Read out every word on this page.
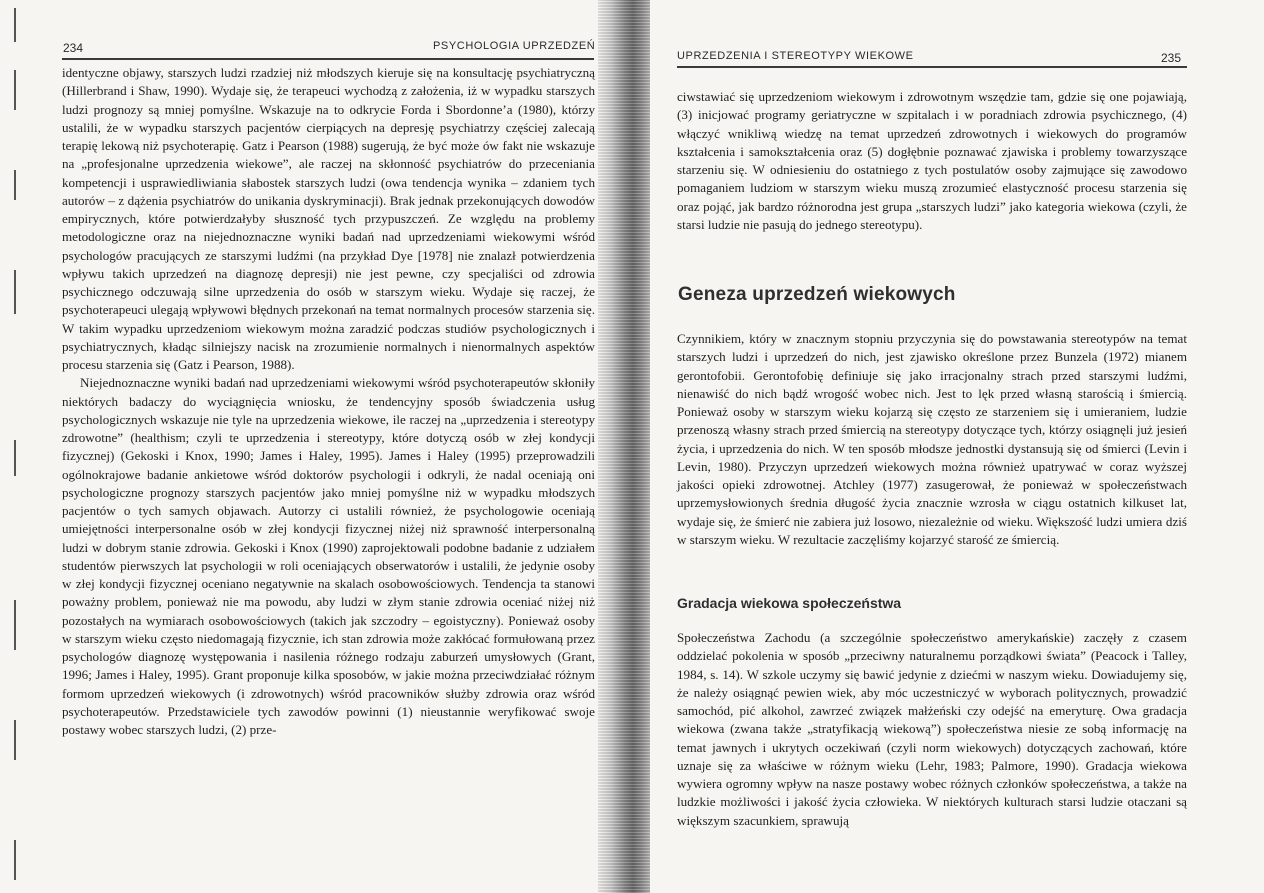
234	PSYCHOLOGIA UPRZEDZEŃ

identyczne objawy, starszych ludzi rzadziej niż młodszych kieruje się na konsultację psychiatryczną (Hillerbrand i Shaw, 1990). Wydaje się, że terapeuci wychodzą z założenia, iż w wypadku starszych ludzi prognozy są mniej pomyślne. Wskazuje na to odkrycie Forda i Sbordonne’a (1980), którzy ustalili, że w wypadku starszych pacjentów cierpiących na depresję psychiatrzy częściej zalecają terapię lekową niż psychoterapię. Gatz i Pearson (1988) sugerują, że być może ów fakt nie wskazuje na „profesjonalne uprzedzenia wiekowe”, ale raczej na skłonność psychiatrów do przeceniania kompetencji i usprawiedliwiania słabostek starszych ludzi (owa tendencja wynika – zdaniem tych autorów – z dążenia psychiatrów do unikania dyskryminacji). Brak jednak przekonujących dowodów empirycznych, które potwierdzałyby słuszność tych przypuszczeń. Ze względu na problemy metodologiczne oraz na niejednoznaczne wyniki badań nad uprzedzeniami wiekowymi wśród psychologów pracujących ze starszymi ludźmi (na przykład Dye [1978] nie znalazł potwierdzenia wpływu takich uprzedzeń na diagnozę depresji) nie jest pewne, czy specjaliści od zdrowia psychicznego odczuwają silne uprzedzenia do osób w starszym wieku. Wydaje się raczej, że psychoterapeuci ulegają wpływowi błędnych przekonań na temat normalnych procesów starzenia się. W takim wypadku uprzedzeniom wiekowym można zaradzić podczas studiów psychologicznych i psychiatrycznych, kładąc silniejszy nacisk na zrozumienie normalnych i nienormalnych aspektów procesu starzenia się (Gatz i Pearson, 1988).

Niejednoznaczne wyniki badań nad uprzedzeniami wiekowymi wśród psychoterapeutów skłoniły niektórych badaczy do wyciągnięcia wniosku, że tendencyjny sposób świadczenia usług psychologicznych wskazuje nie tyle na uprzedzenia wiekowe, ile raczej na „uprzedzenia i stereotypy zdrowotne” (healthism; czyli te uprzedzenia i stereotypy, które dotyczą osób w złej kondycji fizycznej) (Gekoski i Knox, 1990; James i Haley, 1995). James i Haley (1995) przeprowadzili ogólnokrajowe badanie ankietowe wśród doktorów psychologii i odkryli, że nadal oceniają oni psychologiczne prognozy starszych pacjentów jako mniej pomyślne niż w wypadku młodszych pacjentów o tych samych objawach. Autorzy ci ustalili również, że psychologowie oceniają umiejętności interpersonalne osób w złej kondycji fizycznej niżej niż sprawność interpersonalną ludzi w dobrym stanie zdrowia. Gekoski i Knox (1990) zaprojektowali podobne badanie z udziałem studentów pierwszych lat psychologii w roli oceniających obserwatorów i ustalili, że jedynie osoby w złej kondycji fizycznej oceniano negatywnie na skalach osobowościowych. Tendencja ta stanowi poważny problem, ponieważ nie ma powodu, aby ludzi w złym stanie zdrowia oceniać niżej niż pozostałych na wymiarach osobowościowych (takich jak szczodry – egoistyczny). Ponieważ osoby w starszym wieku często niedomagają fizycznie, ich stan zdrowia może zakłócać formułowaną przez psychologów diagnozę występowania i nasilenia różnego rodzaju zaburzeń umysłowych (Grant, 1996; James i Haley, 1995). Grant proponuje kilka sposobów, w jakie można przeciwdziałać różnym formom uprzedzeń wiekowych (i zdrowotnych) wśród pracowników służby zdrowia oraz wśród psychoterapeutów. Przedstawiciele tych zawodów powinni (1) nieustannie weryfikować swoje postawy wobec starszych ludzi, (2) prze-

UPRZEDZENIA I STEREOTYPY WIEKOWE	235
ciwstawiać się uprzedzeniom wiekowym i zdrowotnym wszędzie tam, gdzie się one pojawiają, (3) inicjować programy geriatryczne w szpitalach i w poradniach zdrowia psychicznego, (4) włączyć wnikliwą wiedzę na temat uprzedzeń zdrowotnych i wiekowych do programów kształcenia i samokształcenia oraz (5) dogłębnie poznawać zjawiska i problemy towarzyszące starzeniu się. W odniesieniu do ostatniego z tych postulatów osoby zajmujące się zawodowo pomaganiem ludziom w starszym wieku muszą zrozumieć elastyczność procesu starzenia się oraz pojąć, jak bardzo różnorodna jest grupa „starszych ludzi” jako kategoria wiekowa (czyli, że starsi ludzie nie pasują do jednego stereotypu).
Geneza uprzedzeń wiekowych
Czynnikiem, który w znacznym stopniu przyczynia się do powstawania stereotypów na temat starszych ludzi i uprzedzeń do nich, jest zjawisko określone przez Bunzela (1972) mianem gerontofobii. Gerontofobię definiuje się jako irracjonalny strach przed starszymi ludźmi, nienawiść do nich bądź wrogość wobec nich. Jest to lęk przed własną starością i śmiercią. Ponieważ osoby w starszym wieku kojarzą się często ze starzeniem się i umieraniem, ludzie przenoszą własny strach przed śmiercią na stereotypy dotyczące tych, którzy osiągnęli już jesień życia, i uprzedzenia do nich. W ten sposób młodsze jednostki dystansują się od śmierci (Levin i Levin, 1980). Przyczyn uprzedzeń wiekowych można również upatrywać w coraz wyższej jakości opieki zdrowotnej. Atchley (1977) zasugerował, że ponieważ w społeczeństwach uprzemysłowionych średnia długość życia znacznie wzrosła w ciągu ostatnich kilkuset lat, wydaje się, że śmierć nie zabiera już losowo, niezależnie od wieku. Większość ludzi umiera dziś w starszym wieku. W rezultacie zaczęliśmy kojarzyć starość ze śmiercią.
Gradacja wiekowa społeczeństwa
Społeczeństwa Zachodu (a szczególnie społeczeństwo amerykańskie) zaczęły z czasem oddzielać pokolenia w sposób „przeciwny naturalnemu porządkowi świata” (Peacock i Talley, 1984, s. 14). W szkole uczymy się bawić jedynie z dziećmi w naszym wieku. Dowiadujemy się, że należy osiągnąć pewien wiek, aby móc uczestniczyć w wyborach politycznych, prowadzić samochód, pić alkohol, zawrzeć związek małżeński czy odejść na emeryturę. Owa gradacja wiekowa (zwana także „stratyfikacją wiekową”) społeczeństwa niesie ze sobą informację na temat jawnych i ukrytych oczekiwań (czyli norm wiekowych) dotyczących zachowań, które uznaje się za właściwe w różnym wieku (Lehr, 1983; Palmore, 1990). Gradacja wiekowa wywiera ogromny wpływ na nasze postawy wobec różnych członków społeczeństwa, a także na ludzkie możliwości i jakość życia człowieka. W niektórych kulturach starsi ludzie otaczani są większym szacunkiem, sprawują
